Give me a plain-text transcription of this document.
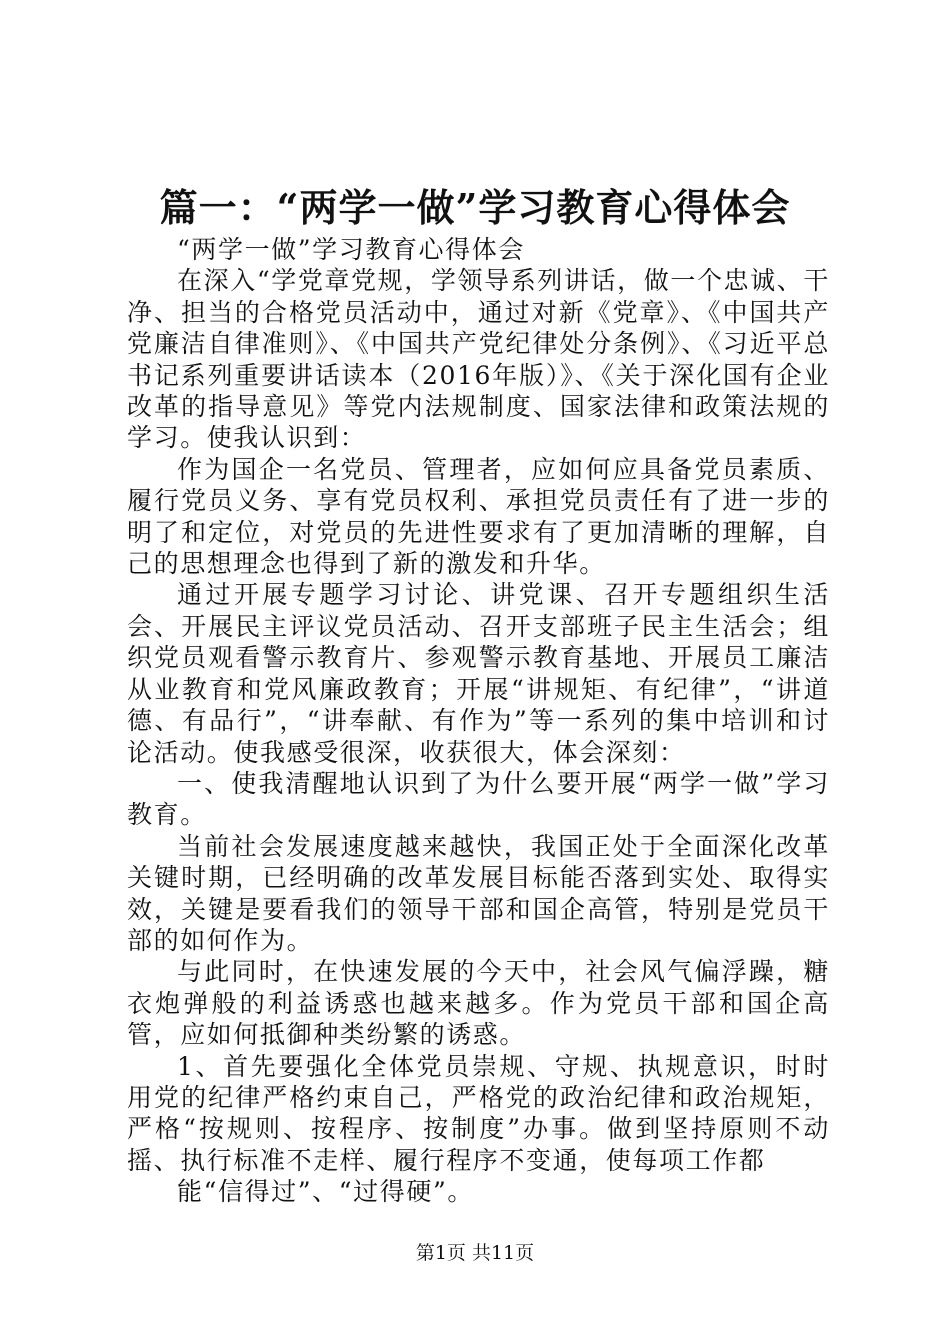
篇一：“两学一做”学习教育心得体会

“两学一做”学习教育心得体会

在深入“学党章党规，学领导系列讲话，做一个忠诚、干净、担当的合格党员活动中，通过对新《党章》、《中国共产党廉洁自律准则》、《中国共产党纪律处分条例》、《习近平总书记系列重要讲话读本（2016年版）》、《关于深化国有企业改革的指导意见》等党内法规制度、国家法律和政策法规的学习。使我认识到：

作为国企一名党员、管理者，应如何应具备党员素质、履行党员义务、享有党员权利、承担党员责任有了进一步的明了和定位，对党员的先进性要求有了更加清晰的理解，自己的思想理念也得到了新的激发和升华。

通过开展专题学习讨论、讲党课、召开专题组织生活会、开展民主评议党员活动、召开支部班子民主生活会；组织党员观看警示教育片、参观警示教育基地、开展员工廉洁从业教育和党风廉政教育；开展“讲规矩、有纪律”，“讲道德、有品行”，“讲奉献、有作为”等一系列的集中培训和讨论活动。使我感受很深，收获很大，体会深刻：

一、使我清醒地认识到了为什么要开展“两学一做”学习教育。

当前社会发展速度越来越快，我国正处于全面深化改革关键时期，已经明确的改革发展目标能否落到实处、取得实效，关键是要看我们的领导干部和国企高管，特别是党员干部的如何作为。

与此同时，在快速发展的今天中，社会风气偏浮躁，糖衣炮弹般的利益诱惑也越来越多。作为党员干部和国企高管，应如何抵御种类纷繁的诱惑。

1、首先要强化全体党员崇规、守规、执规意识，时时用党的纪律严格约束自己，严格党的政治纪律和政治规矩，严格“按规则、按程序、按制度”办事。做到坚持原则不动摇、执行标准不走样、履行程序不变通，使每项工作都

能“信得过”、“过得硬”。

第1页 共11页
